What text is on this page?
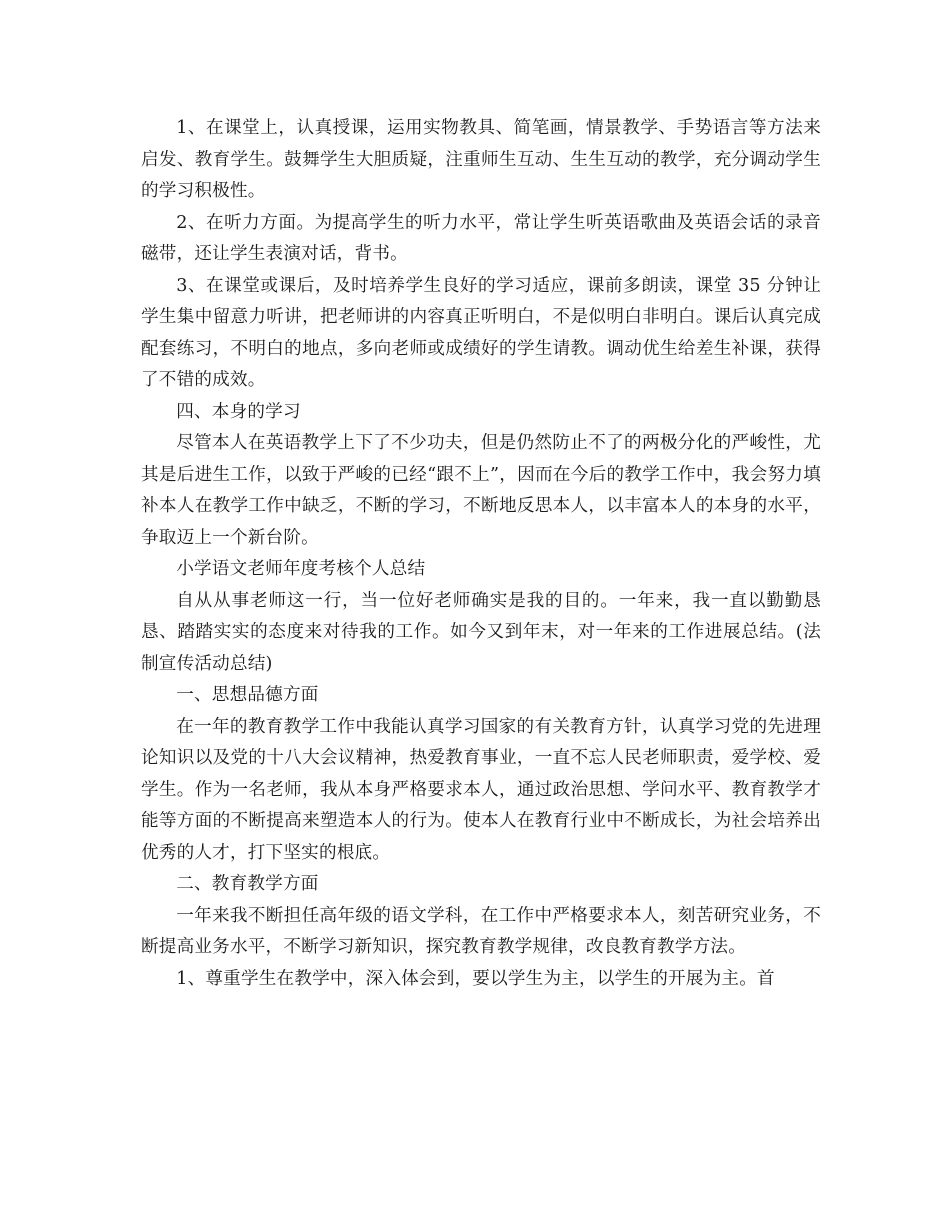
1、在课堂上，认真授课，运用实物教具、简笔画，情景教学、手势语言等方法来启发、教育学生。鼓舞学生大胆质疑，注重师生互动、生生互动的教学，充分调动学生的学习积极性。

2、在听力方面。为提高学生的听力水平，常让学生听英语歌曲及英语会话的录音磁带，还让学生表演对话，背书。

3、在课堂或课后，及时培养学生良好的学习适应，课前多朗读，课堂 35 分钟让学生集中留意力听讲，把老师讲的内容真正听明白，不是似明白非明白。课后认真完成配套练习，不明白的地点，多向老师或成绩好的学生请教。调动优生给差生补课，获得了不错的成效。

四、本身的学习

尽管本人在英语教学上下了不少功夫，但是仍然防止不了的两极分化的严峻性，尤其是后进生工作，以致于严峻的已经“跟不上”，因而在今后的教学工作中，我会努力填补本人在教学工作中缺乏，不断的学习，不断地反思本人，以丰富本人的本身的水平，争取迈上一个新台阶。

小学语文老师年度考核个人总结

自从从事老师这一行，当一位好老师确实是我的目的。一年来，我一直以勤勤恳恳、踏踏实实的态度来对待我的工作。如今又到年末，对一年来的工作进展总结。(法制宣传活动总结)

一、思想品德方面

在一年的教育教学工作中我能认真学习国家的有关教育方针，认真学习党的先进理论知识以及党的十八大会议精神，热爱教育事业，一直不忘人民老师职责，爱学校、爱学生。作为一名老师，我从本身严格要求本人，通过政治思想、学问水平、教育教学才能等方面的不断提高来塑造本人的行为。使本人在教育行业中不断成长，为社会培养出优秀的人才，打下坚实的根底。

二、教育教学方面

一年来我不断担任高年级的语文学科，在工作中严格要求本人，刻苦研究业务，不断提高业务水平，不断学习新知识，探究教育教学规律，改良教育教学方法。

1、尊重学生在教学中，深入体会到，要以学生为主，以学生的开展为主。首
